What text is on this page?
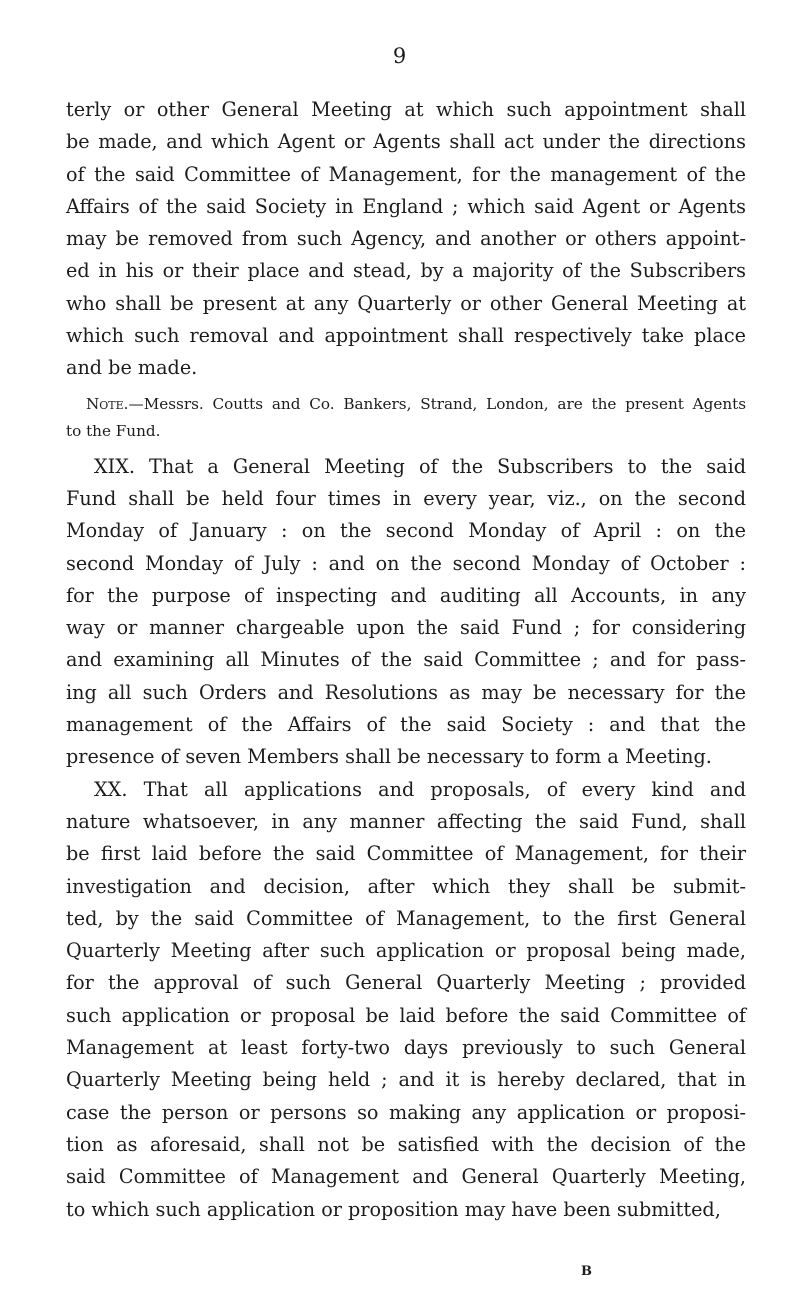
9
terly or other General Meeting at which such appointment shall
be made, and which Agent or Agents shall act under the directions
of the said Committee of Management, for the management of the
Affairs of the said Society in England ; which said Agent or Agents
may be removed from such Agency, and another or others appoint-
ed in his or their place and stead, by a majority of the Subscribers
who shall be present at any Quarterly or other General Meeting at
which such removal and appointment shall respectively take place
and be made.
Note.—Messrs. Coutts and Co. Bankers, Strand, London, are the present Agents
to the Fund.
XIX. That a General Meeting of the Subscribers to the said
Fund shall be held four times in every year, viz., on the second
Monday of January : on the second Monday of April : on the
second Monday of July : and on the second Monday of October :
for the purpose of inspecting and auditing all Accounts, in any
way or manner chargeable upon the said Fund ; for considering
and examining all Minutes of the said Committee ; and for pass-
ing all such Orders and Resolutions as may be necessary for the
management of the Affairs of the said Society : and that the
presence of seven Members shall be necessary to form a Meeting.
XX. That all applications and proposals, of every kind and
nature whatsoever, in any manner affecting the said Fund, shall
be first laid before the said Committee of Management, for their
investigation and decision, after which they shall be submit-
ted, by the said Committee of Management, to the first General
Quarterly Meeting after such application or proposal being made,
for the approval of such General Quarterly Meeting ; provided
such application or proposal be laid before the said Committee of
Management at least forty-two days previously to such General
Quarterly Meeting being held ; and it is hereby declared, that in
case the person or persons so making any application or proposi-
tion as aforesaid, shall not be satisfied with the decision of the
said Committee of Management and General Quarterly Meeting,
to which such application or proposition may have been submitted,
B
